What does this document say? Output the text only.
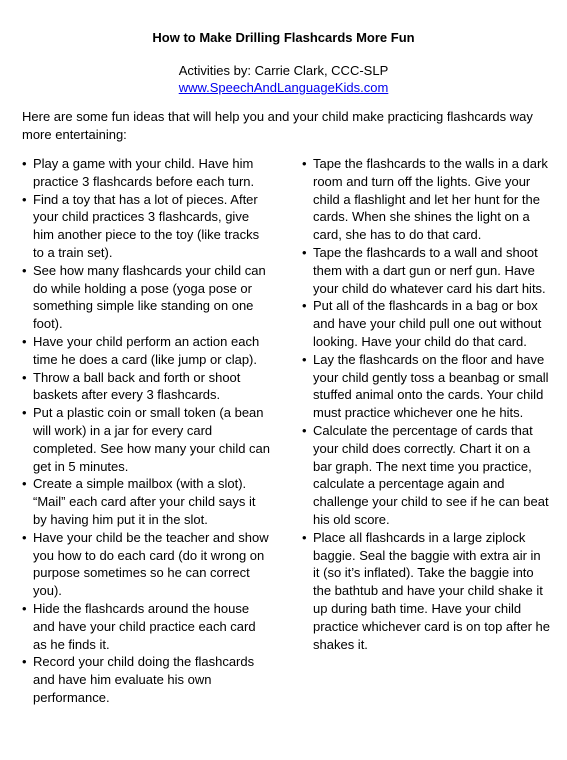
How to Make Drilling Flashcards More Fun
Activities by: Carrie Clark, CCC-SLP
www.SpeechAndLanguageKids.com
Here are some fun ideas that will help you and your child make practicing flashcards way more entertaining:
• Play a game with your child. Have him practice 3 flashcards before each turn.
• Find a toy that has a lot of pieces. After your child practices 3 flashcards, give him another piece to the toy (like tracks to a train set).
• See how many flashcards your child can do while holding a pose (yoga pose or something simple like standing on one foot).
• Have your child perform an action each time he does a card (like jump or clap).
• Throw a ball back and forth or shoot baskets after every 3 flashcards.
• Put a plastic coin or small token (a bean will work) in a jar for every card completed. See how many your child can get in 5 minutes.
• Create a simple mailbox (with a slot). “Mail” each card after your child says it by having him put it in the slot.
• Have your child be the teacher and show you how to do each card (do it wrong on purpose sometimes so he can correct you).
• Hide the flashcards around the house and have your child practice each card as he finds it.
• Record your child doing the flashcards and have him evaluate his own performance.
• Tape the flashcards to the walls in a dark room and turn off the lights. Give your child a flashlight and let her hunt for the cards. When she shines the light on a card, she has to do that card.
• Tape the flashcards to a wall and shoot them with a dart gun or nerf gun. Have your child do whatever card his dart hits.
• Put all of the flashcards in a bag or box and have your child pull one out without looking. Have your child do that card.
• Lay the flashcards on the floor and have your child gently toss a beanbag or small stuffed animal onto the cards. Your child must practice whichever one he hits.
• Calculate the percentage of cards that your child does correctly. Chart it on a bar graph. The next time you practice, calculate a percentage again and challenge your child to see if he can beat his old score.
• Place all flashcards in a large ziplock baggie. Seal the baggie with extra air in it (so it’s inflated). Take the baggie into the bathtub and have your child shake it up during bath time. Have your child practice whichever card is on top after he shakes it.
